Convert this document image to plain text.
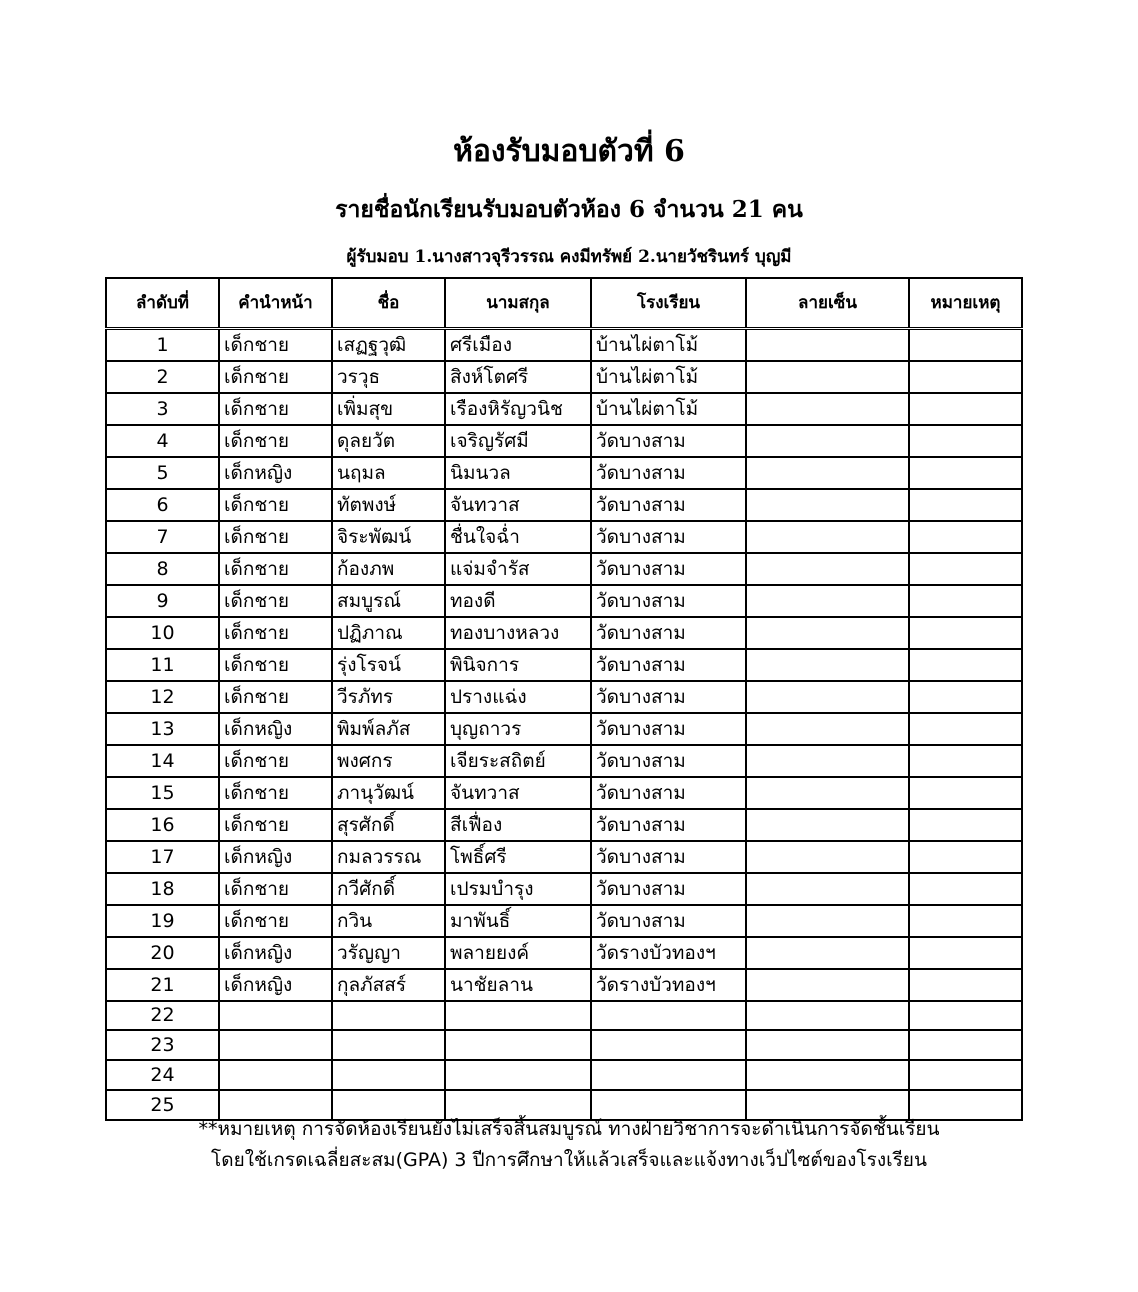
ห้องรับมอบตัวที่ 6
รายชื่อนักเรียนรับมอบตัวห้อง 6 จำนวน 21 คน
ผู้รับมอบ 1.นางสาวจุรีวรรณ คงมีทรัพย์ 2.นายวัชรินทร์ บุญมี
ลำดับที่	คำนำหน้า	ชื่อ	นามสกุล	โรงเรียน	ลายเซ็น	หมายเหตุ
1	เด็กชาย	เสฏฐวุฒิ	ศรีเมือง	บ้านไผ่ตาโม้		
2	เด็กชาย	วรวุธ	สิงห์โตศรี	บ้านไผ่ตาโม้		
3	เด็กชาย	เพิ่มสุข	เรืองหิรัญวนิช	บ้านไผ่ตาโม้		
4	เด็กชาย	ดุลยวัต	เจริญรัศมี	วัดบางสาม		
5	เด็กหญิง	นฤมล	นิมนวล	วัดบางสาม		
6	เด็กชาย	ทัตพงษ์	จันทวาส	วัดบางสาม		
7	เด็กชาย	จิระพัฒน์	ชื่นใจฉ่ำ	วัดบางสาม		
8	เด็กชาย	ก้องภพ	แจ่มจำรัส	วัดบางสาม		
9	เด็กชาย	สมบูรณ์	ทองดี	วัดบางสาม		
10	เด็กชาย	ปฏิภาณ	ทองบางหลวง	วัดบางสาม		
11	เด็กชาย	รุ่งโรจน์	พินิจการ	วัดบางสาม		
12	เด็กชาย	วีรภัทร	ปรางแฉ่ง	วัดบางสาม		
13	เด็กหญิง	พิมพ์ลภัส	บุญถาวร	วัดบางสาม		
14	เด็กชาย	พงศกร	เจียระสถิตย์	วัดบางสาม		
15	เด็กชาย	ภานุวัฒน์	จันทวาส	วัดบางสาม		
16	เด็กชาย	สุรศักดิ์	สีเฟื่อง	วัดบางสาม		
17	เด็กหญิง	กมลวรรณ	โพธิ์ศรี	วัดบางสาม		
18	เด็กชาย	กวีศักดิ์	เปรมบำรุง	วัดบางสาม		
19	เด็กชาย	กวิน	มาพันธิ์	วัดบางสาม		
20	เด็กหญิง	วรัญญา	พลายยงค์	วัดรางบัวทองฯ		
21	เด็กหญิง	กุลภัสสร์	นาชัยลาน	วัดรางบัวทองฯ		
22						
23						
24						
25						
**หมายเหตุ การจัดห้องเรียนยังไม่เสร็จสิ้นสมบูรณ์ ทางฝ่ายวิชาการจะดำเนินการจัดชั้นเรียน
โดยใช้เกรดเฉลี่ยสะสม(GPA) 3 ปีการศึกษาให้แล้วเสร็จและแจ้งทางเว็ปไซต์ของโรงเรียน
